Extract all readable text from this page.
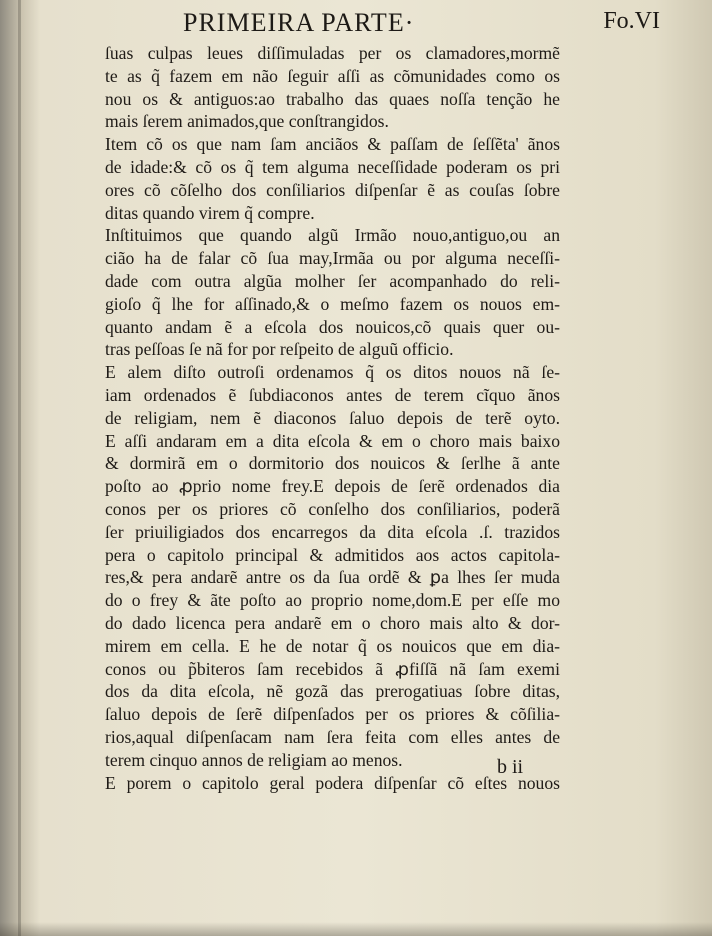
PRIMEIRA PARTE·	Fo.VI
ſuas culpas leues diſſimuladas per os clamadores,mormẽ
te as q̃ fazem em não ſeguir aſſi as cõmunidades como os
nou os & antiguos:ao trabalho das quaes noſſa tenção he
mais ſerem animados,que conſtrangidos.
Item cõ os que nam ſam anciãos & paſſam de ſeſſẽta' ãnos
de idade:& cõ os q̃ tem alguma neceſſidade poderam os pri
ores cõ cõſelho dos conſiliarios diſpenſar ẽ as couſas ſobre
ditas quando virem q̃ compre.
Inſtituimos que quando algũ Irmão nouo,antiguo,ou an
cião ha de falar cõ ſua may,Irmãa ou por alguma neceſſi-
dade com outra algũa molher ſer acompanhado do reli-
gioſo q̃ lhe for aſſinado,& o meſmo fazem os nouos em-
quanto andam ẽ a eſcola dos nouicos,cõ quais quer ou-
tras peſſoas ſe nã for por reſpeito de alguũ officio.
E alem diſto outroſi ordenamos q̃ os ditos nouos nã ſe-
iam ordenados ẽ ſubdiaconos antes de terem cĩquo ãnos
de religiam, nem ẽ diaconos ſaluo depois de terẽ oyto.
E aſſi andaram em a dita eſcola & em o choro mais baixo
& dormirã em o dormitorio dos nouicos & ſerlhe ã ante
poſto ao ꝓprio nome frey.E depois de ſerẽ ordenados dia
conos per os priores cõ conſelho dos conſiliarios, poderã
ſer priuiligiados dos encarregos da dita eſcola .ſ. trazidos
pera o capitolo principal & admitidos aos actos capitola-
res,& pera andarẽ antre os da ſua ordẽ & ꝑa lhes ſer muda
do o frey & ãte poſto ao proprio nome,dom.E per eſſe mo
do dado licenca pera andarẽ em o choro mais alto & dor-
mirem em cella. E he de notar q̃ os nouicos que em dia-
conos ou p̃biteros ſam recebidos ã ꝓfiſſã nã ſam exemi
dos da dita eſcola, nẽ gozã das prerogatiuas ſobre ditas,
ſaluo depois de ſerẽ diſpenſados per os priores & cõſilia-
rios,aqual diſpenſacam nam ſera feita com elles antes de
terem cinquo annos de religiam ao menos.
E porem o capitolo geral podera diſpenſar cõ eſtes nouos
b ii
